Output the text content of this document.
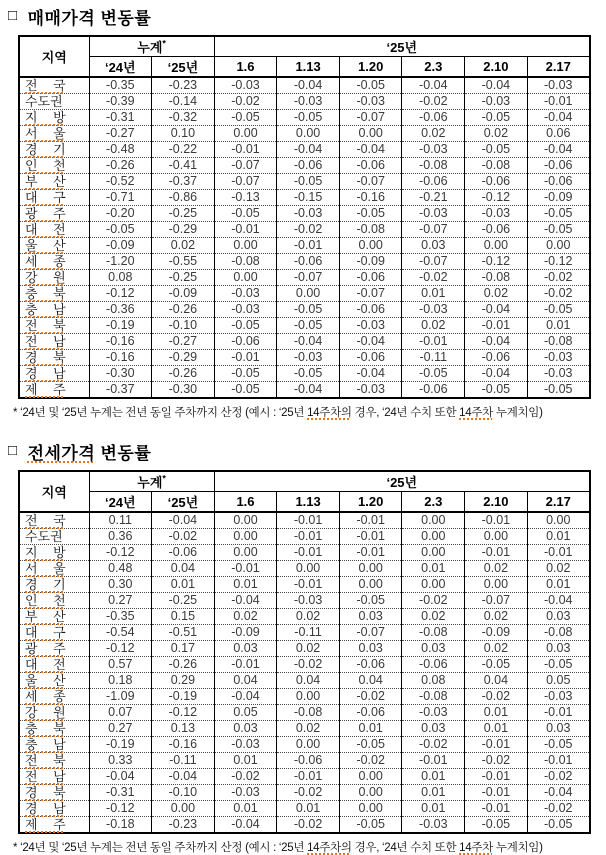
□ 매매가격 변동률
지역	누계*		‘25년					
	‘24년	‘25년	1.6	1.13	1.20	2.3	2.10	2.17
전 국	-0.35	-0.23	-0.03	-0.04	-0.05	-0.04	-0.04	-0.03
수도권	-0.39	-0.14	-0.02	-0.03	-0.03	-0.02	-0.03	-0.01
지 방	-0.31	-0.32	-0.05	-0.05	-0.07	-0.06	-0.05	-0.04
서 울	-0.27	0.10	0.00	0.00	0.00	0.02	0.02	0.06
경 기	-0.48	-0.22	-0.01	-0.04	-0.04	-0.03	-0.05	-0.04
인 천	-0.26	-0.41	-0.07	-0.06	-0.06	-0.08	-0.08	-0.06
부 산	-0.52	-0.37	-0.07	-0.05	-0.07	-0.06	-0.06	-0.06
대 구	-0.71	-0.86	-0.13	-0.15	-0.16	-0.21	-0.12	-0.09
광 주	-0.20	-0.25	-0.05	-0.03	-0.05	-0.03	-0.03	-0.05
대 전	-0.05	-0.29	-0.01	-0.02	-0.08	-0.07	-0.06	-0.05
울 산	-0.09	0.02	0.00	-0.01	0.00	0.03	0.00	0.00
세 종	-1.20	-0.55	-0.08	-0.06	-0.09	-0.07	-0.12	-0.12
강 원	0.08	-0.25	0.00	-0.07	-0.06	-0.02	-0.08	-0.02
충 북	-0.12	-0.09	-0.03	0.00	-0.07	0.01	0.02	-0.02
충 남	-0.36	-0.26	-0.03	-0.05	-0.06	-0.03	-0.04	-0.05
전 북	-0.19	-0.10	-0.05	-0.05	-0.03	0.02	-0.01	0.01
전 남	-0.16	-0.27	-0.06	-0.04	-0.04	-0.01	-0.04	-0.08
경 북	-0.16	-0.29	-0.01	-0.03	-0.06	-0.11	-0.06	-0.03
경 남	-0.30	-0.26	-0.05	-0.05	-0.04	-0.05	-0.04	-0.03
제 주	-0.37	-0.30	-0.05	-0.04	-0.03	-0.06	-0.05	-0.05

* ‘24년 및 ‘25년 누계는 전년 동일 주차까지 산정 (예시 : ‘25년 14주차의 경우, ‘24년 수치 또한 14주차 누계치임)

□ 전세가격 변동률
지역	누계*		‘25년					
	‘24년	‘25년	1.6	1.13	1.20	2.3	2.10	2.17
전 국	0.11	-0.04	0.00	-0.01	-0.01	0.00	-0.01	0.00
수도권	0.36	-0.02	0.00	-0.01	-0.01	0.00	0.00	0.01
지 방	-0.12	-0.06	0.00	-0.01	-0.01	0.00	-0.01	-0.01
서 울	0.48	0.04	-0.01	0.00	0.00	0.01	0.02	0.02
경 기	0.30	0.01	0.01	-0.01	0.00	0.00	0.00	0.01
인 천	0.27	-0.25	-0.04	-0.03	-0.05	-0.02	-0.07	-0.04
부 산	-0.35	0.15	0.02	0.02	0.03	0.02	0.02	0.03
대 구	-0.54	-0.51	-0.09	-0.11	-0.07	-0.08	-0.09	-0.08
광 주	-0.12	0.17	0.03	0.02	0.03	0.03	0.02	0.03
대 전	0.57	-0.26	-0.01	-0.02	-0.06	-0.06	-0.05	-0.05
울 산	0.18	0.29	0.04	0.04	0.04	0.08	0.04	0.05
세 종	-1.09	-0.19	-0.04	0.00	-0.02	-0.08	-0.02	-0.03
강 원	0.07	-0.12	0.05	-0.08	-0.06	-0.03	0.01	-0.01
충 북	0.27	0.13	0.03	0.02	0.01	0.03	0.01	0.03
충 남	-0.19	-0.16	-0.03	0.00	-0.05	-0.02	-0.01	-0.05
전 북	0.33	-0.11	0.01	-0.06	-0.02	-0.01	-0.02	-0.01
전 남	-0.04	-0.04	-0.02	-0.01	0.00	0.01	-0.01	-0.02
경 북	-0.31	-0.10	-0.03	-0.02	0.00	0.01	-0.01	-0.04
경 남	-0.12	0.00	0.01	0.01	0.00	0.01	-0.01	-0.02
제 주	-0.18	-0.23	-0.04	-0.02	-0.05	-0.03	-0.05	-0.05

* ‘24년 및 ‘25년 누계는 전년 동일 주차까지 산정 (예시 : ‘25년 14주차의 경우, ‘24년 수치 또한 14주차 누계치임)
